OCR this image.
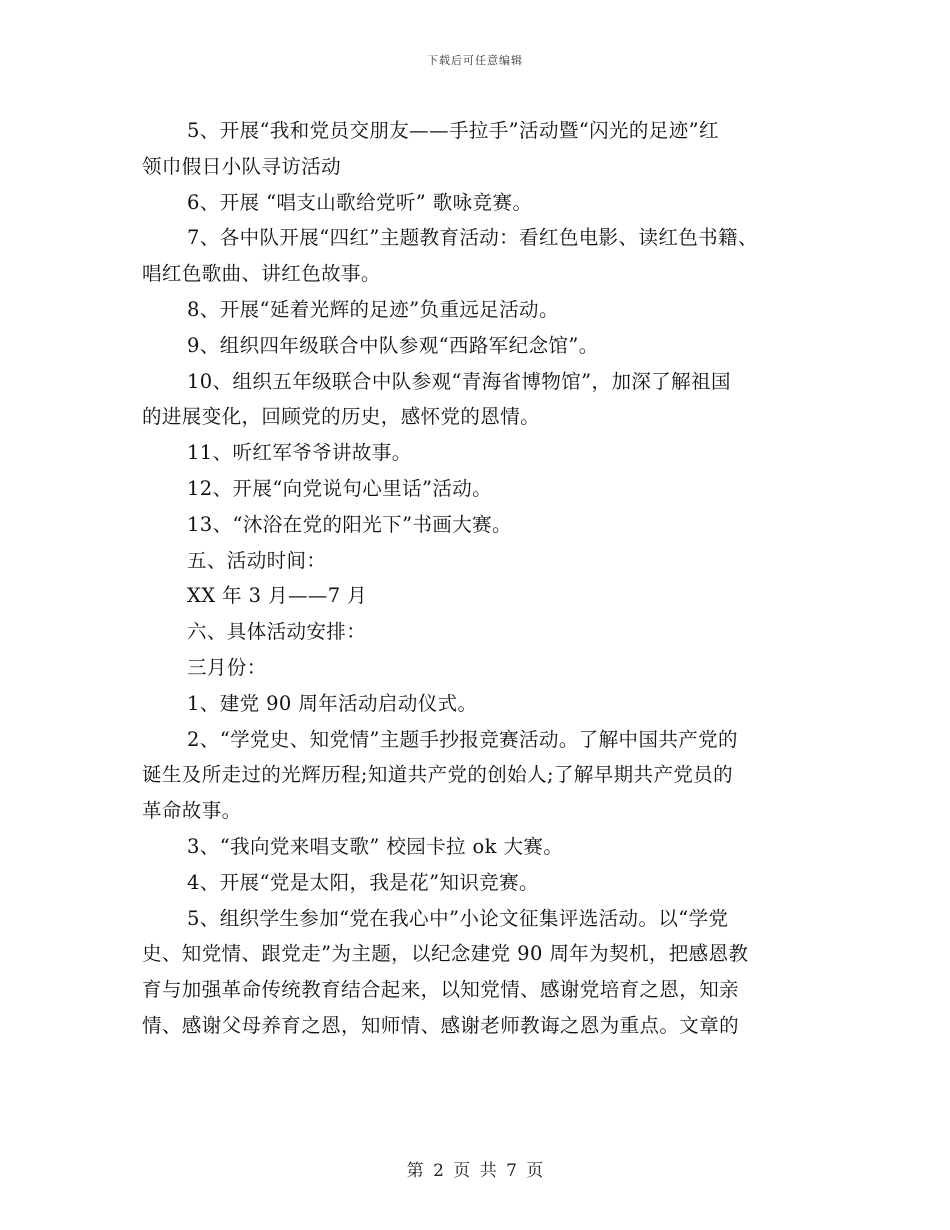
下载后可任意编辑
5、开展“我和党员交朋友——手拉手”活动暨“闪光的足迹”红
领巾假日小队寻访活动
6、开展 “唱支山歌给党听” 歌咏竞赛。
7、各中队开展“四红”主题教育活动：看红色电影、读红色书籍、
唱红色歌曲、讲红色故事。
8、开展“延着光辉的足迹”负重远足活动。
9、组织四年级联合中队参观“西路军纪念馆”。
10、组织五年级联合中队参观“青海省博物馆”，加深了解祖国
的进展变化，回顾党的历史，感怀党的恩情。
11、听红军爷爷讲故事。
12、开展“向党说句心里话”活动。
13、“沐浴在党的阳光下”书画大赛。
五、活动时间：
XX 年 3 月——7 月
六、具体活动安排：
三月份：
1、建党 90 周年活动启动仪式。
2、“学党史、知党情”主题手抄报竞赛活动。了解中国共产党的
诞生及所走过的光辉历程;知道共产党的创始人;了解早期共产党员的
革命故事。
3、“我向党来唱支歌” 校园卡拉 ok 大赛。
4、开展“党是太阳，我是花”知识竞赛。
5、组织学生参加“党在我心中”小论文征集评选活动。以“学党
史、知党情、跟党走”为主题，以纪念建党 90 周年为契机，把感恩教
育与加强革命传统教育结合起来，以知党情、感谢党培育之恩，知亲
情、感谢父母养育之恩，知师情、感谢老师教诲之恩为重点。文章的
第 2 页 共 7 页
